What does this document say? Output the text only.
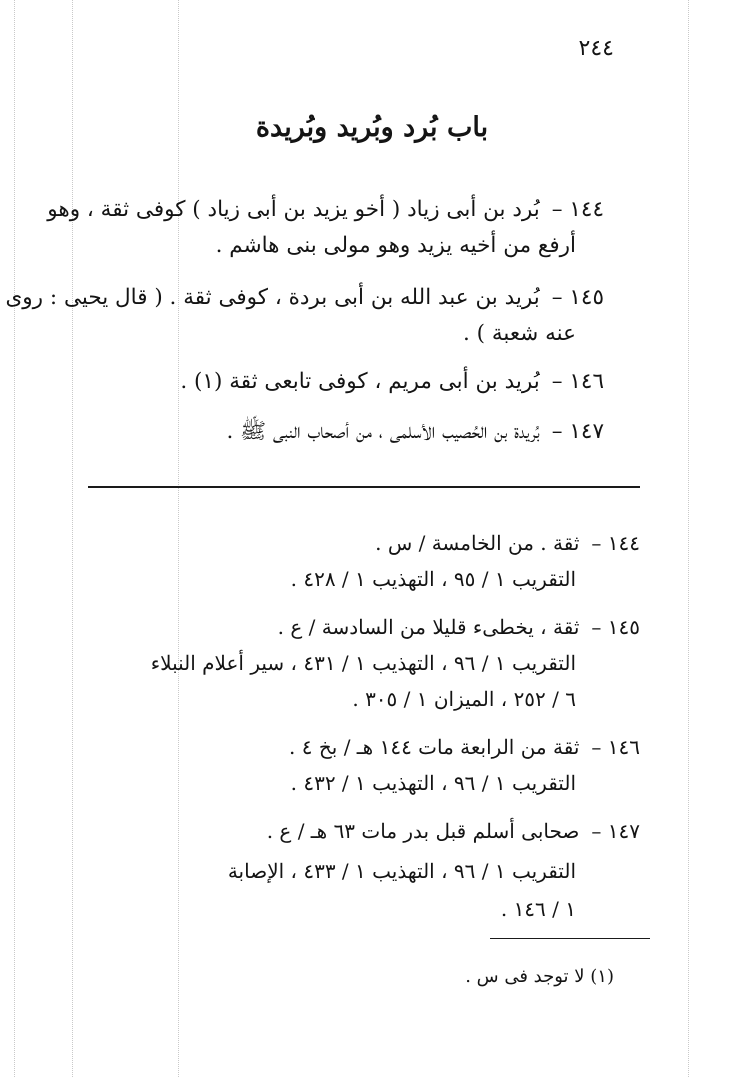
٢٤٤
باب بُرد وبُريد وبُريدة
١٤٤ –بُرد بن أبى زياد ( أخو يزيد بن أبى زياد ) كوفى ثقة ، وهو
أرفع من أخيه يزيد وهو مولى بنى هاشم .
١٤٥ –بُريد بن عبد الله بن أبى بردة ، كوفى ثقة . ( قال يحيى : روى
عنه شعبة ) .
١٤٦ –بُريد بن أبى مريم ، كوفى تابعى ثقة (١) .
١٤٧ –بُريدة بن الحُصيب الأسلمى ، من أصحاب النبى ﷺ .
١٤٤ –ثقة . من الخامسة / س .
التقريب ١ / ٩٥ ، التهذيب ١ / ٤٢٨ .
١٤٥ –ثقة ، يخطىء قليلا من السادسة / ع .
التقريب ١ / ٩٦ ، التهذيب ١ / ٤٣١ ، سير أعلام النبلاء
٦ / ٢٥٢ ، الميزان ١ / ٣٠٥ .
١٤٦ –ثقة من الرابعة مات ١٤٤ هـ / بخ ٤ .
التقريب ١ / ٩٦ ، التهذيب ١ / ٤٣٢ .
١٤٧ –صحابى أسلم قبل بدر مات ٦٣ هـ / ع .
التقريب ١ / ٩٦ ، التهذيب ١ / ٤٣٣ ، الإصابة
١ / ١٤٦ .
(١) لا توجد فى س .
